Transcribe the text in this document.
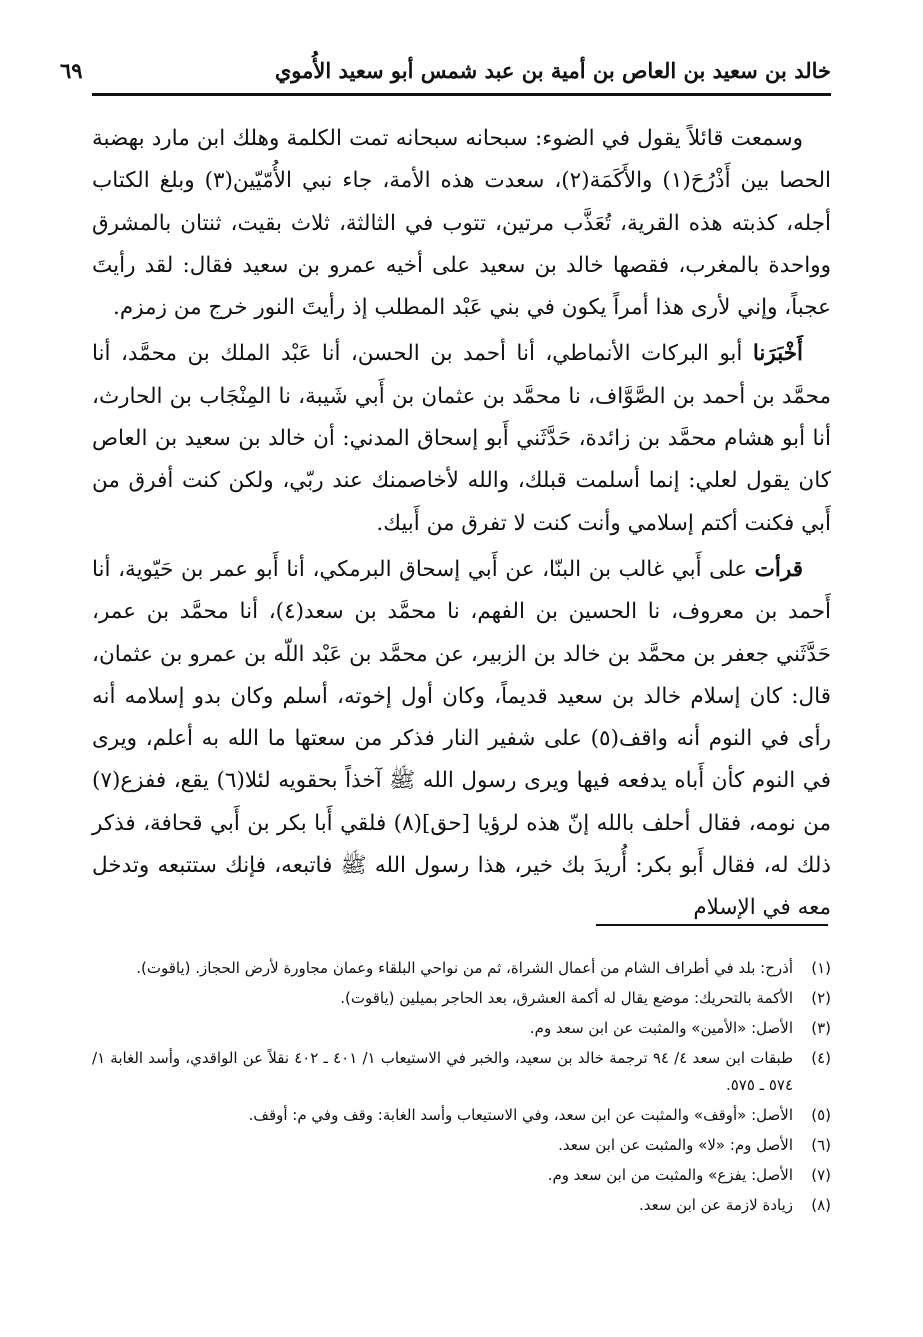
خالد بن سعيد بن العاص بن أمية بن عبد شمس أبو سعيد الأُموي
٦٩

وسمعت قائلاً يقول في الضوء: سبحانه سبحانه تمت الكلمة وهلك ابن مارد بهضبة الحصا بين أَذْرُحَ(١) والأَكَمَة(٢)، سعدت هذه الأمة، جاء نبي الأُمّيّين(٣) وبلغ الكتاب أجله، كذبته هذه القرية، تُعَذَّب مرتين، تتوب في الثالثة، ثلاث بقيت، ثنتان بالمشرق وواحدة بالمغرب، فقصها خالد بن سعيد على أخيه عمرو بن سعيد فقال: لقد رأيتَ عجباً، وإني لأرى هذا أمراً يكون في بني عَبْد المطلب إذ رأيتَ النور خرج من زمزم.

أَخْبَرَنا أبو البركات الأنماطي، أنا أحمد بن الحسن، أنا عَبْد الملك بن محمَّد، أنا محمَّد بن أحمد بن الصَّوَّاف، نا محمَّد بن عثمان بن أَبي شَيبة، نا المِنْجَاب بن الحارث، أنا أبو هشام محمَّد بن زائدة، حَدَّثَني أَبو إسحاق المدني: أن خالد بن سعيد بن العاص كان يقول لعلي: إنما أسلمت قبلك، والله لأخاصمنك عند ربّي، ولكن كنت أفرق من أَبي فكنت أكتم إسلامي وأنت كنت لا تفرق من أَبيك.

قرأت على أَبي غالب بن البنّا، عن أَبي إسحاق البرمكي، أنا أَبو عمر بن حَيّوية، أنا أَحمد بن معروف، نا الحسين بن الفهم، نا محمَّد بن سعد(٤)، أنا محمَّد بن عمر، حَدَّثَني جعفر بن محمَّد بن خالد بن الزبير، عن محمَّد بن عَبْد اللّه بن عمرو بن عثمان، قال: كان إسلام خالد بن سعيد قديماً، وكان أول إخوته، أسلم وكان بدو إسلامه أنه رأى في النوم أنه واقف(٥) على شفير النار فذكر من سعتها ما الله به أعلم، ويرى في النوم كأن أَباه يدفعه فيها ويرى رسول الله ﷺ آخذاً بحقويه لئلا(٦) يقع، ففزع(٧) من نومه، فقال أحلف بالله إنّ هذه لرؤيا [حق](٨) فلقي أَبا بكر بن أَبي قحافة، فذكر ذلك له، فقال أَبو بكر: أُريدَ بك خير، هذا رسول الله ﷺ فاتبعه، فإنك ستتبعه وتدخل معه في الإسلام

(١)
أذرح: بلد في أطراف الشام من أعمال الشراة، ثم من نواحي البلقاء وعمان مجاورة لأرض الحجاز. (ياقوت).
(٢)
الأكمة بالتحريك: موضع يقال له أكمة العشرق، بعد الحاجر بميلين (ياقوت).
(٣)
الأصل: «الأمين» والمثبت عن ابن سعد وم.
(٤)
طبقات ابن سعد ٤/ ٩٤ ترجمة خالد بن سعيد، والخبر في الاستيعاب ١/ ٤٠١ ـ ٤٠٢ نقلاً عن الواقدي، وأسد الغابة ١/ ٥٧٤ ـ ٥٧٥.
(٥)
الأصل: «أوقف» والمثبت عن ابن سعد، وفي الاستيعاب وأسد الغابة: وقف وفي م: أوقف.
(٦)
الأصل وم: «لا» والمثبت عن ابن سعد.
(٧)
الأصل: يفزع» والمثبت من ابن سعد وم.
(٨)
زيادة لازمة عن ابن سعد.
